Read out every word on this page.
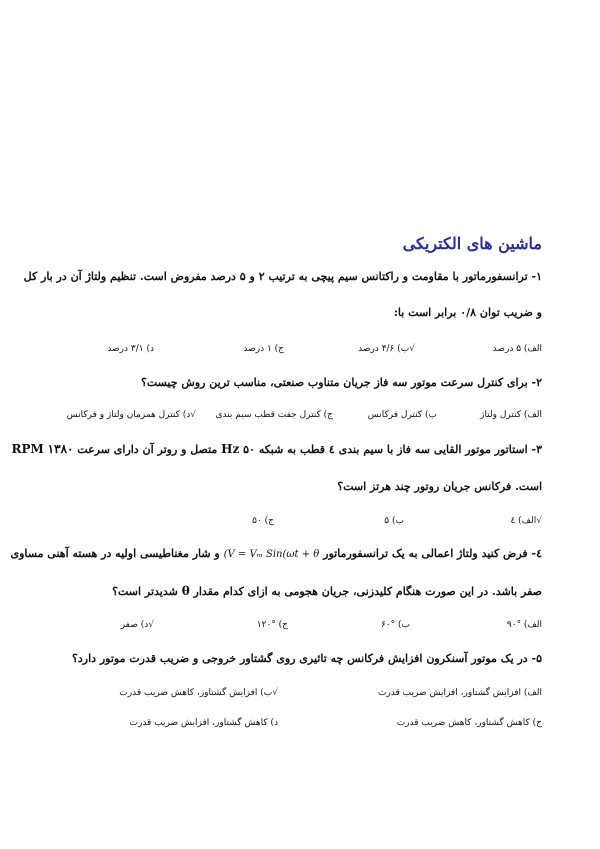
ماشین های الکتریکی
۱- ترانسفورماتور با مقاومت و راکتانس سیم پیچی به ترتیب ۲ و ۵ درصد مفروض است. تنظیم ولتاژ آن در بار کل
و ضریب توان ۰/۸ برابر است با:
الف) ۵ درصد
√ب) ۴/۶ درصد
ج) ۱ درصد
د) ۳/۱ درصد
۲- برای کنترل سرعت موتور سه فاز جریان متناوب صنعتی، مناسب ترین روش چیست؟
الف) کنترل ولتاژ
ب) کنترل فرکانس
ج) کنترل جفت قطب سیم بندی
√د) کنترل همزمان ولتاژ و فرکانس
۳- استاتور موتور القایی سه فاز با سیم بندی ٤ قطب به شبکه Hz ۵۰ متصل و روتر آن دارای سرعت RPM ۱۳۸۰
است. فرکانس جریان روتور چند هرتز است؟
√الف) ٤
ب) ۵
ج) ۵۰
٤- فرض کنید ولتاژ اعمالی به یک ترانسفورماتور (V = Vₘ Sin(ωt + θ و شار مغناطیسی اولیه در هسته آهنی مساوی
صفر باشد. در این صورت هنگام کلیدزنی، جریان هجومی به ازای کدام مقدار θ شدیدتر است؟
الف) °۹۰
ب) °۶۰
ج) °۱۲۰
√د) صفر
۵- در یک موتور آسنکرون افزایش فرکانس چه تاثیری روی گشتاور خروجی و ضریب قدرت موتور دارد؟
الف) افزایش گشتاور، افزایش ضریب قدرت
√ب) افزایش گشتاور، کاهش ضریب قدرت
ج) کاهش گشتاور، کاهش ضریب قدرت
د) کاهش گشتاور، افزایش ضریب قدرت
